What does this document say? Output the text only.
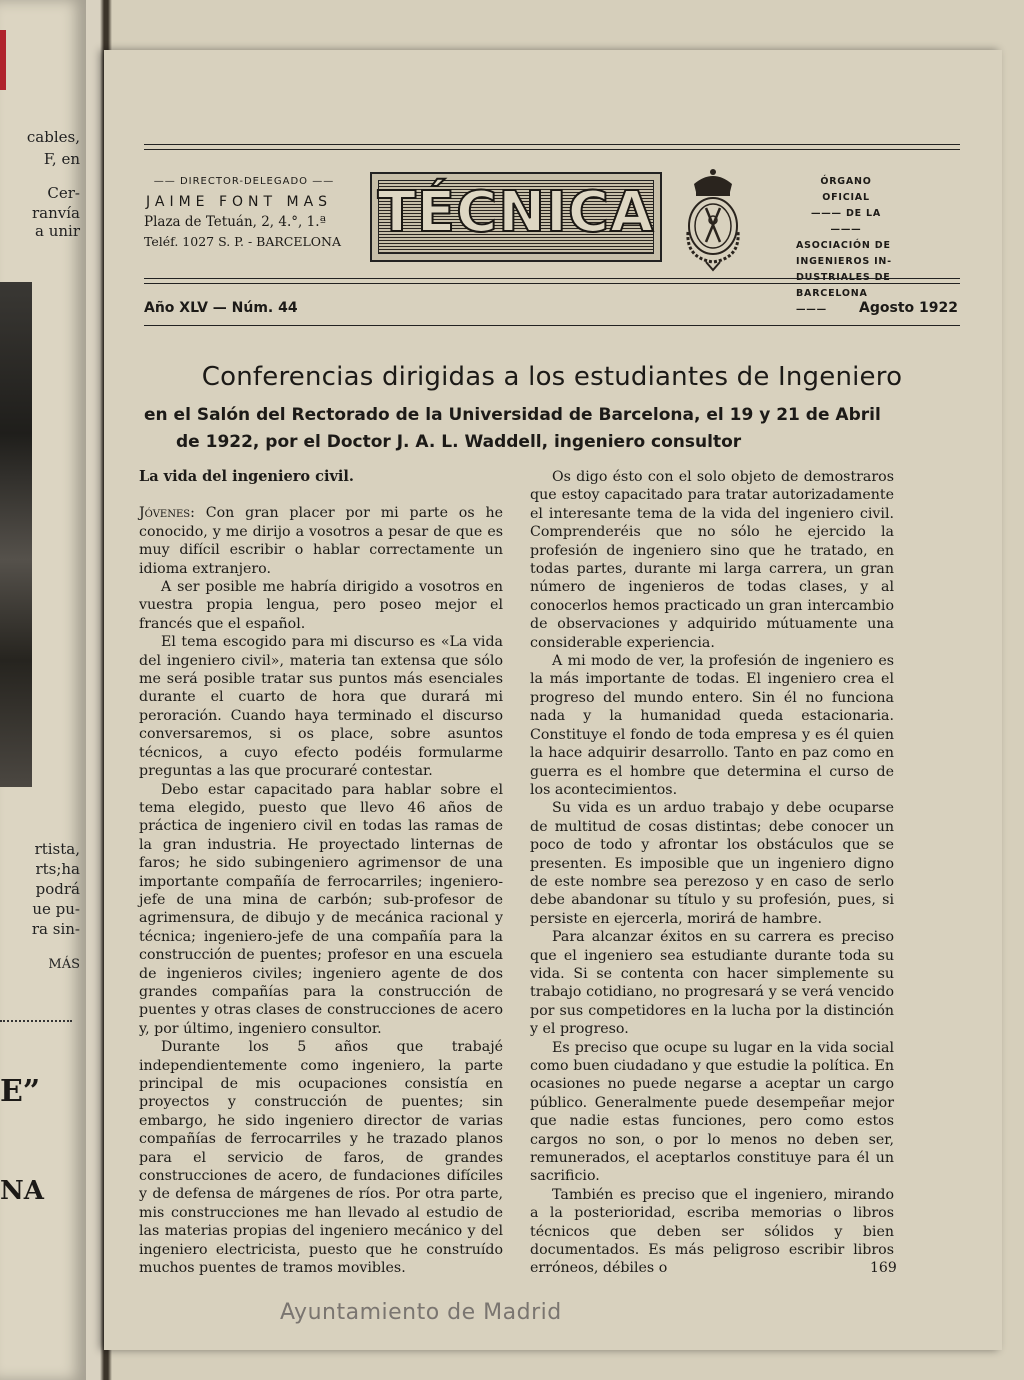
cables,
F, en
Cer-
ranvía
a unir
rtista,
rts;ha
podrá
ue pu-
ra sin-
MÁS
E”
NA
—— DIRECTOR-DELEGADO ——
JAIME FONT MAS
Plaza de Tetuán, 2, 4.°, 1.ª
Teléf. 1027 S. P. - BARCELONA TÉCNICA	ÓRGANO OFICIAL
——— DE LA ———
ASOCIACIÓN DE
INGENIEROS IN-
DUSTRIALES DE
BARCELONA ———
Año XLV — Núm. 44	Agosto 1922
Conferencias dirigidas a los estudiantes de Ingeniero
en el Salón del Rectorado de la Universidad de Barcelona, el 19 y 21 de Abril
de 1922, por el Doctor J. A. L. Waddell, ingeniero consultor
La vida del ingeniero civil.

Jóvenes: Con gran placer por mi parte os he conocido, y me dirijo a vosotros a pesar de que es muy difícil escribir o hablar correctamente un idioma extranjero.

A ser posible me habría dirigido a vosotros en vuestra propia lengua, pero poseo mejor el francés que el español.

El tema escogido para mi discurso es «La vida del ingeniero civil», materia tan extensa que sólo me será posible tratar sus puntos más esenciales durante el cuarto de hora que durará mi peroración. Cuando haya terminado el discurso conversaremos, si os place, sobre asuntos técnicos, a cuyo efecto podéis formularme preguntas a las que procuraré contestar.

Debo estar capacitado para hablar sobre el tema elegido, puesto que llevo 46 años de práctica de ingeniero civil en todas las ramas de la gran industria. He proyectado linternas de faros; he sido subingeniero agrimensor de una importante compañía de ferrocarriles; ingeniero-jefe de una mina de carbón; sub-profesor de agrimensura, de dibujo y de mecánica racional y técnica; ingeniero-jefe de una compañía para la construcción de puentes; profesor en una escuela de ingenieros civiles; ingeniero agente de dos grandes compañías para la construcción de puentes y otras clases de construcciones de acero y, por último, ingeniero consultor.

Durante los 5 años que trabajé independientemente como ingeniero, la parte principal de mis ocupaciones consistía en proyectos y construcción de puentes; sin embargo, he sido ingeniero director de varias compañías de ferrocarriles y he trazado planos para el servicio de faros, de grandes construcciones de acero, de fundaciones difíciles y de defensa de márgenes de ríos. Por otra parte, mis construcciones me han llevado al estudio de las materias propias del ingeniero mecánico y del ingeniero electricista, puesto que he construído muchos puentes de tramos movibles.

Os digo ésto con el solo objeto de demostraros que estoy capacitado para tratar autorizadamente el interesante tema de la vida del ingeniero civil. Comprenderéis que no sólo he ejercido la profesión de ingeniero sino que he tratado, en todas partes, durante mi larga carrera, un gran número de ingenieros de todas clases, y al conocerlos hemos practicado un gran intercambio de observaciones y adquirido mútuamente una considerable experiencia.

A mi modo de ver, la profesión de ingeniero es la más importante de todas. El ingeniero crea el progreso del mundo entero. Sin él no funciona nada y la humanidad queda estacionaria. Constituye el fondo de toda empresa y es él quien la hace adquirir desarrollo. Tanto en paz como en guerra es el hombre que determina el curso de los acontecimientos.

Su vida es un arduo trabajo y debe ocuparse de multitud de cosas distintas; debe conocer un poco de todo y afrontar los obstáculos que se presenten. Es imposible que un ingeniero digno de este nombre sea perezoso y en caso de serlo debe abandonar su título y su profesión, pues, si persiste en ejercerla, morirá de hambre.

Para alcanzar éxitos en su carrera es preciso que el ingeniero sea estudiante durante toda su vida. Si se contenta con hacer simplemente su trabajo cotidiano, no progresará y se verá vencido por sus competidores en la lucha por la distinción y el progreso.

Es preciso que ocupe su lugar en la vida social como buen ciudadano y que estudie la política. En ocasiones no puede negarse a aceptar un cargo público. Generalmente puede desempeñar mejor que nadie estas funciones, pero como estos cargos no son, o por lo menos no deben ser, remunerados, el aceptarlos constituye para él un sacrificio.

También es preciso que el ingeniero, mirando a la posterioridad, escriba memorias o libros técnicos que deben ser sólidos y bien documentados. Es más peligroso escribir libros erróneos, débiles o	169
Ayuntamiento de Madrid
